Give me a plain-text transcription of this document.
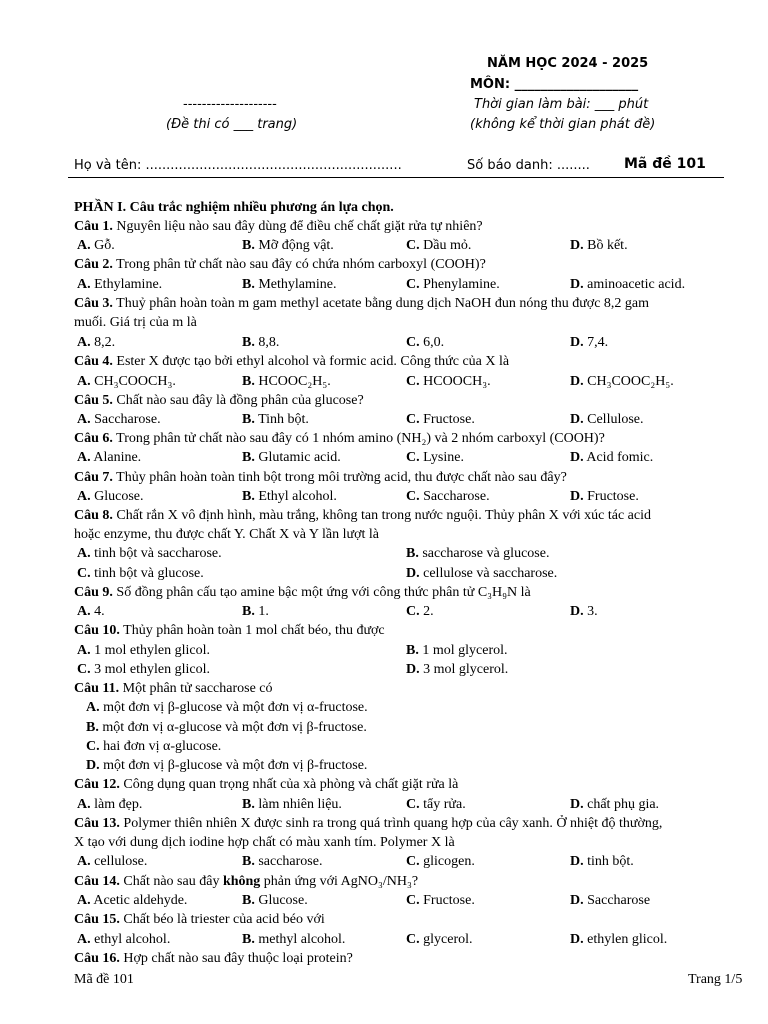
NĂM HỌC 2024 - 2025
MÔN: ___________________
--------------------	Thời gian làm bài: ___ phút
(Đề thi có ___ trang)	(không kể thời gian phát đề)
Họ và tên: ..............................................................	Số báo danh: ........ Mã đề 101
PHẦN I. Câu trắc nghiệm nhiều phương án lựa chọn.
Câu 1. Nguyên liệu nào sau đây dùng để điều chế chất giặt rửa tự nhiên?
A. Gỗ.	B. Mỡ động vật.	C. Dầu mỏ.	D. Bồ kết.
Câu 2. Trong phân tử chất nào sau đây có chứa nhóm carboxyl (COOH)?
A. Ethylamine.	B. Methylamine.	C. Phenylamine.	D. aminoacetic acid.
Câu 3. Thuỷ phân hoàn toàn m gam methyl acetate bằng dung dịch NaOH đun nóng thu được 8,2 gam
muối. Giá trị của m là
A. 8,2.	B. 8,8.	C. 6,0.	D. 7,4.
Câu 4. Ester X được tạo bởi ethyl alcohol và formic acid. Công thức của X là
A. CH₃COOCH₃.	B. HCOOC₂H₅.	C. HCOOCH₃.	D. CH₃COOC₂H₅.
Câu 5. Chất nào sau đây là đồng phân của glucose?
A. Saccharose.	B. Tinh bột.	C. Fructose.	D. Cellulose.
Câu 6. Trong phân tử chất nào sau đây có 1 nhóm amino (NH₂) và 2 nhóm carboxyl (COOH)?
A. Alanine.	B. Glutamic acid.	C. Lysine.	D. Acid fomic.
Câu 7. Thủy phân hoàn toàn tinh bột trong môi trường acid, thu được chất nào sau đây?
A. Glucose.	B. Ethyl alcohol.	C. Saccharose.	D. Fructose.
Câu 8. Chất rắn X vô định hình, màu trắng, không tan trong nước nguội. Thủy phân X với xúc tác acid
hoặc enzyme, thu được chất Y. Chất X và Y lần lượt là
A. tinh bột và saccharose.	B. saccharose và glucose.
C. tinh bột và glucose.	D. cellulose và saccharose.
Câu 9. Số đồng phân cấu tạo amine bậc một ứng với công thức phân tử C₃H₉N là
A. 4.	B. 1.	C. 2.	D. 3.
Câu 10. Thủy phân hoàn toàn 1 mol chất béo, thu được
A. 1 mol ethylen glicol.	B. 1 mol glycerol.
C. 3 mol ethylen glicol.	D. 3 mol glycerol.
Câu 11. Một phân tử saccharose có
A. một đơn vị β-glucose và một đơn vị α-fructose.
B. một đơn vị α-glucose và một đơn vị β-fructose.
C. hai đơn vị α-glucose.
D. một đơn vị β-glucose và một đơn vị β-fructose.
Câu 12. Công dụng quan trọng nhất của xà phòng và chất giặt rửa là
A. làm đẹp.	B. làm nhiên liệu.	C. tẩy rửa.	D. chất phụ gia.
Câu 13. Polymer thiên nhiên X được sinh ra trong quá trình quang hợp của cây xanh. Ở nhiệt độ thường,
X tạo với dung dịch iodine hợp chất có màu xanh tím. Polymer X là
A. cellulose.	B. saccharose.	C. glicogen.	D. tinh bột.
Câu 14. Chất nào sau đây không phản ứng với AgNO₃/NH₃?
A. Acetic aldehyde.	B. Glucose.	C. Fructose.	D. Saccharose
Câu 15. Chất béo là triester của acid béo với
A. ethyl alcohol.	B. methyl alcohol.	C. glycerol.	D. ethylen glicol.
Câu 16. Hợp chất nào sau đây thuộc loại protein?
Mã đề 101	Trang 1/5
